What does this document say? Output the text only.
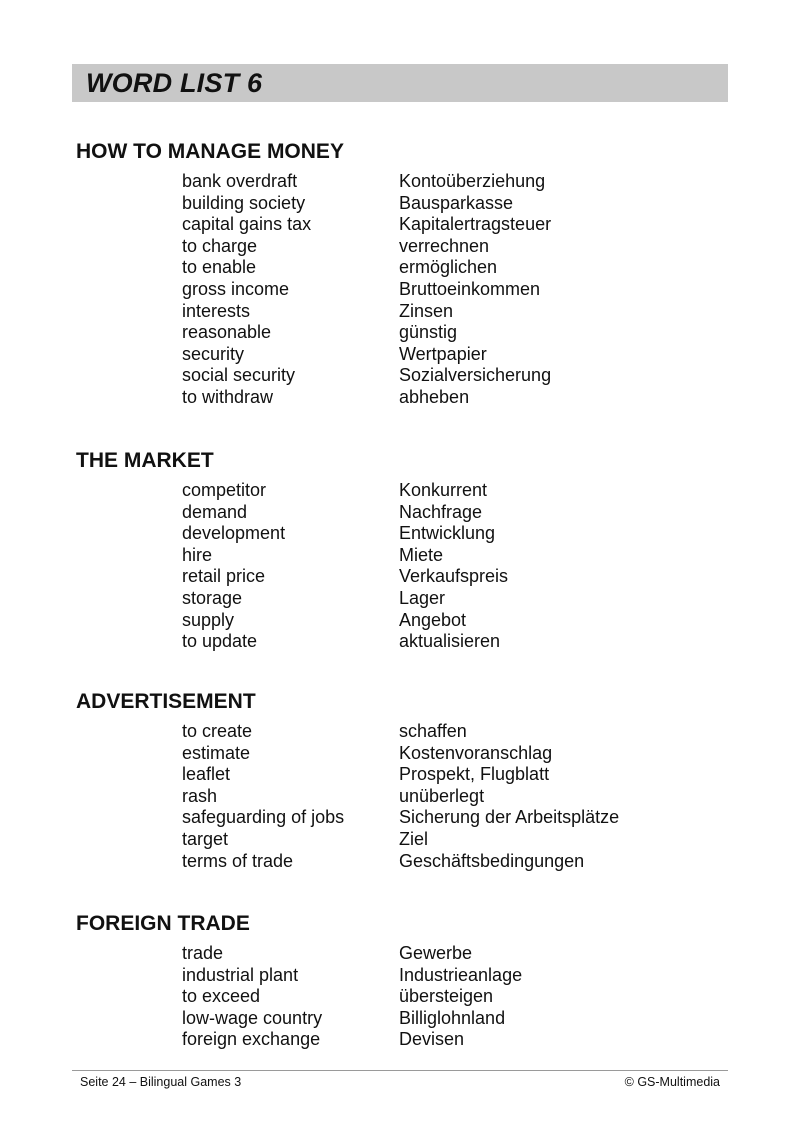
WORD LIST 6
HOW TO MANAGE MONEY
bank overdraft	Kontoüberziehung
building society	Bausparkasse
capital gains tax	Kapitalertragsteuer
to charge	verrechnen
to enable	ermöglichen
gross income	Bruttoeinkommen
interests	Zinsen
reasonable	günstig
security	Wertpapier
social security	Sozialversicherung
to withdraw	abheben
THE MARKET
competitor	Konkurrent
demand	Nachfrage
development	Entwicklung
hire	Miete
retail price	Verkaufspreis
storage	Lager
supply	Angebot
to update	aktualisieren
ADVERTISEMENT
to create	schaffen
estimate	Kostenvoranschlag
leaflet	Prospekt, Flugblatt
rash	unüberlegt
safeguarding of jobs	Sicherung der Arbeitsplätze
target	Ziel
terms of trade	Geschäftsbedingungen
FOREIGN TRADE
trade	Gewerbe
industrial plant	Industrieanlage
to exceed	übersteigen
low-wage country	Billiglohnland
foreign exchange	Devisen
Seite 24 – Bilingual Games 3	© GS-Multimedia
